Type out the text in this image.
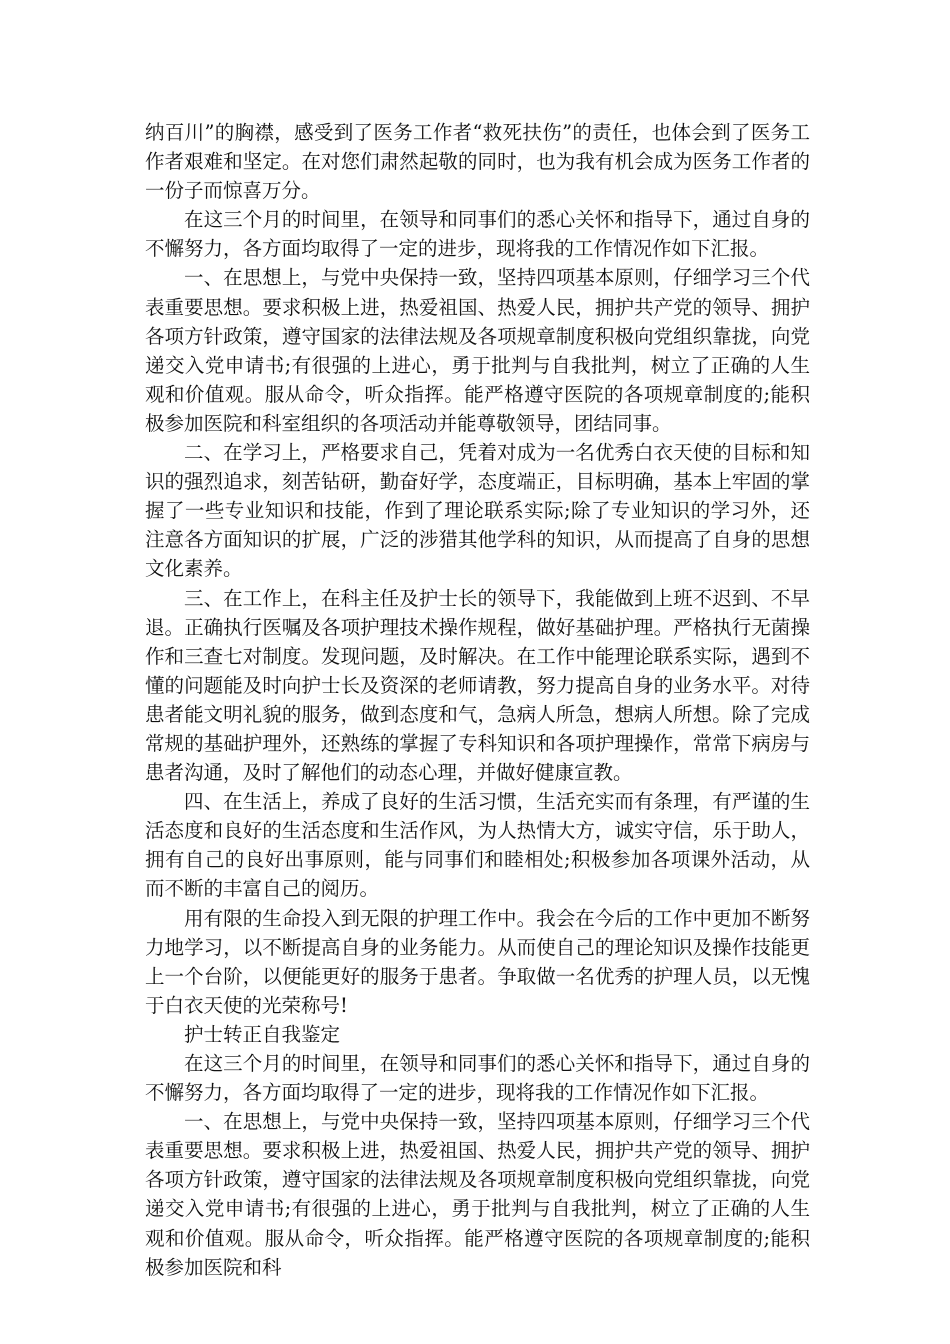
纳百川”的胸襟，感受到了医务工作者“救死扶伤”的责任，也体会到了医务工作者艰难和坚定。在对您们肃然起敬的同时，也为我有机会成为医务工作者的一份子而惊喜万分。

在这三个月的时间里，在领导和同事们的悉心关怀和指导下，通过自身的不懈努力，各方面均取得了一定的进步，现将我的工作情况作如下汇报。

一、在思想上，与党中央保持一致，坚持四项基本原则，仔细学习三个代表重要思想。要求积极上进，热爱祖国、热爱人民，拥护共产党的领导、拥护各项方针政策，遵守国家的法律法规及各项规章制度积极向党组织靠拢，向党递交入党申请书;有很强的上进心，勇于批判与自我批判，树立了正确的人生观和价值观。服从命令，听众指挥。能严格遵守医院的各项规章制度的;能积极参加医院和科室组织的各项活动并能尊敬领导，团结同事。

二、在学习上，严格要求自己，凭着对成为一名优秀白衣天使的目标和知识的强烈追求，刻苦钻研，勤奋好学，态度端正，目标明确，基本上牢固的掌握了一些专业知识和技能，作到了理论联系实际;除了专业知识的学习外，还注意各方面知识的扩展，广泛的涉猎其他学科的知识，从而提高了自身的思想文化素养。

三、在工作上，在科主任及护士长的领导下，我能做到上班不迟到、不早退。正确执行医嘱及各项护理技术操作规程，做好基础护理。严格执行无菌操作和三查七对制度。发现问题，及时解决。在工作中能理论联系实际，遇到不懂的问题能及时向护士长及资深的老师请教，努力提高自身的业务水平。对待患者能文明礼貌的服务，做到态度和气，急病人所急，想病人所想。除了完成常规的基础护理外，还熟练的掌握了专科知识和各项护理操作，常常下病房与患者沟通，及时了解他们的动态心理，并做好健康宣教。

四、在生活上，养成了良好的生活习惯，生活充实而有条理，有严谨的生活态度和良好的生活态度和生活作风，为人热情大方，诚实守信，乐于助人，拥有自己的良好出事原则，能与同事们和睦相处;积极参加各项课外活动，从而不断的丰富自己的阅历。

用有限的生命投入到无限的护理工作中。我会在今后的工作中更加不断努力地学习，以不断提高自身的业务能力。从而使自己的理论知识及操作技能更上一个台阶，以便能更好的服务于患者。争取做一名优秀的护理人员，以无愧于白衣天使的光荣称号!

护士转正自我鉴定

在这三个月的时间里，在领导和同事们的悉心关怀和指导下，通过自身的不懈努力，各方面均取得了一定的进步，现将我的工作情况作如下汇报。

一、在思想上，与党中央保持一致，坚持四项基本原则，仔细学习三个代表重要思想。要求积极上进，热爱祖国、热爱人民，拥护共产党的领导、拥护各项方针政策，遵守国家的法律法规及各项规章制度积极向党组织靠拢，向党递交入党申请书;有很强的上进心，勇于批判与自我批判，树立了正确的人生观和价值观。服从命令，听众指挥。能严格遵守医院的各项规章制度的;能积极参加医院和科
